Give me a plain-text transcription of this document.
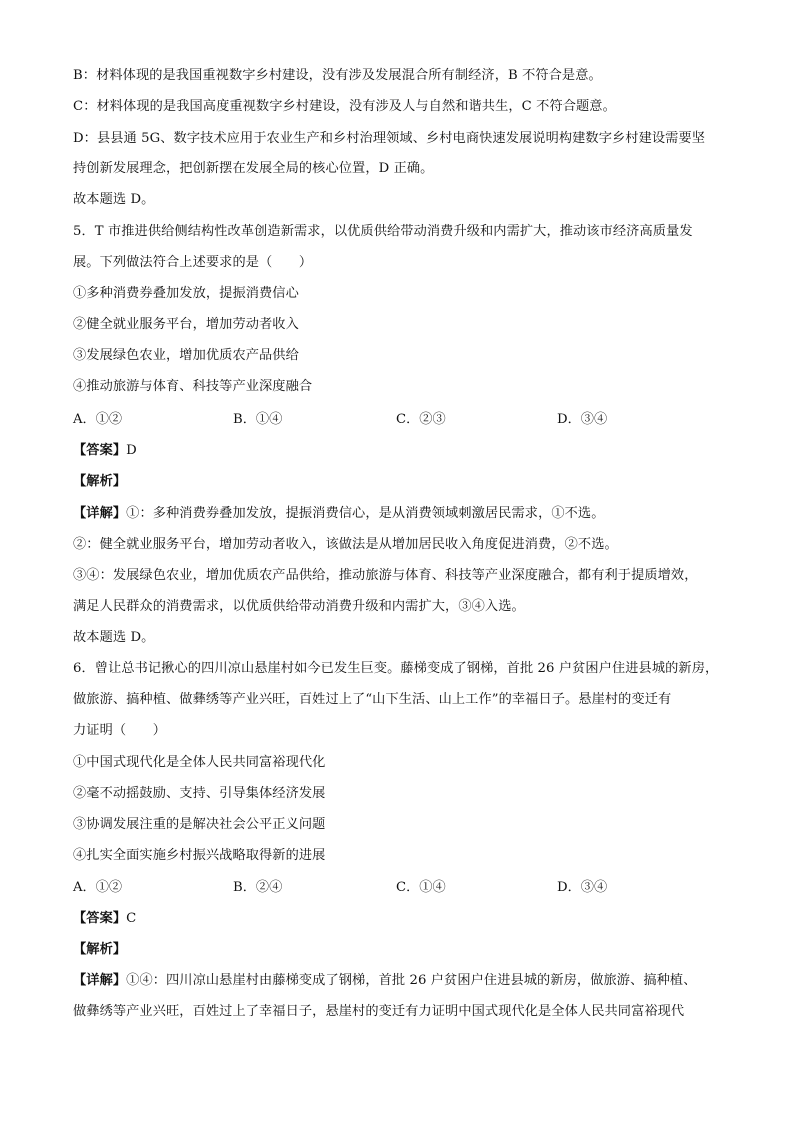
B：材料体现的是我国重视数字乡村建设，没有涉及发展混合所有制经济，B 不符合是意。
C：材料体现的是我国高度重视数字乡村建设，没有涉及人与自然和谐共生，C 不符合题意。
D：县县通 5G、数字技术应用于农业生产和乡村治理领域、乡村电商快速发展说明构建数字乡村建设需要坚
持创新发展理念，把创新摆在发展全局的核心位置，D 正确。
故本题选 D。
5．T 市推进供给侧结构性改革创造新需求，以优质供给带动消费升级和内需扩大，推动该市经济高质量发
展。下列做法符合上述要求的是（　　）
①多种消费券叠加发放，提振消费信心
②健全就业服务平台，增加劳动者收入
③发展绿色农业，增加优质农产品供给
④推动旅游与体育、科技等产业深度融合
A．①②	B．①④	C．②③	D．③④
【答案】D
【解析】
【详解】①：多种消费券叠加发放，提振消费信心，是从消费领域刺激居民需求，①不选。
②：健全就业服务平台，增加劳动者收入，该做法是从增加居民收入角度促进消费，②不选。
③④：发展绿色农业，增加优质农产品供给，推动旅游与体育、科技等产业深度融合，都有利于提质增效，
满足人民群众的消费需求，以优质供给带动消费升级和内需扩大，③④入选。
故本题选 D。
6．曾让总书记揪心的四川凉山悬崖村如今已发生巨变。藤梯变成了钢梯，首批 26 户贫困户住进县城的新房，
做旅游、搞种植、做彝绣等产业兴旺，百姓过上了“山下生活、山上工作”的幸福日子。悬崖村的变迁有
力证明（　　）
①中国式现代化是全体人民共同富裕现代化
②毫不动摇鼓励、支持、引导集体经济发展
③协调发展注重的是解决社会公平正义问题
④扎实全面实施乡村振兴战略取得新的进展
A．①②	B．②④	C．①④	D．③④
【答案】C
【解析】
【详解】①④：四川凉山悬崖村由藤梯变成了钢梯，首批 26 户贫困户住进县城的新房，做旅游、搞种植、
做彝绣等产业兴旺，百姓过上了幸福日子，悬崖村的变迁有力证明中国式现代化是全体人民共同富裕现代
